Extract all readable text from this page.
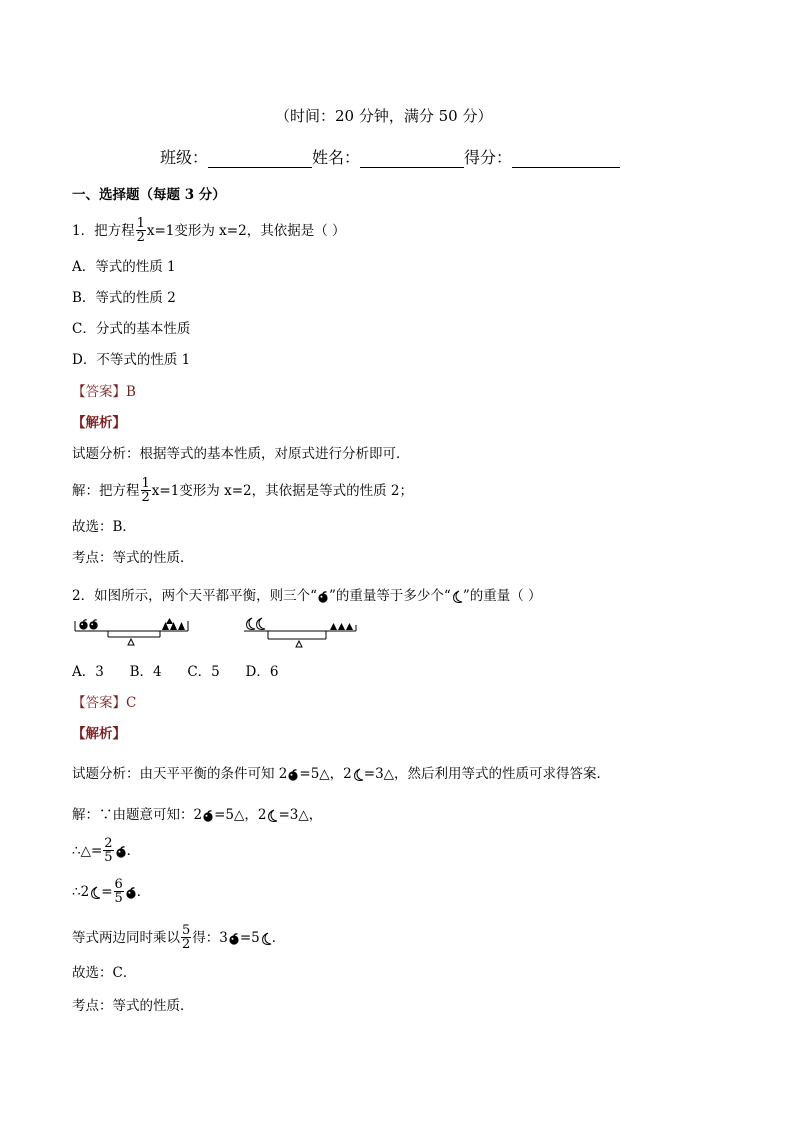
（时间：20 分钟，满分 50 分）
班级：	姓名：	得分：
一、选择题（每题 3 分）
1．把方程 $\frac{1}{2} x=1$变形为 x=2，其依据是（ ）
A．等式的性质 1
B．等式的性质 2
C．分式的基本性质
D．不等式的性质 1
【答案】B
【解析】
试题分析：根据等式的基本性质，对原式进行分析即可．
解：把方程 $\frac{1}{2} x=1$变形为 x=2，其依据是等式的性质 2；
故选：B．
考点：等式的性质．
2．如图所示，两个天平都平衡，则三个“ ”的重量等于多少个“ ”的重量（ ）
A．3      B．4      C．5      D．6
【答案】C
【解析】
试题分析：由天平平衡的条件可知 2 =5△，2 =3△，然后利用等式的性质可求得答案．
解：∵由题意可知：2 =5△，2 =3△，
∴△= $\frac{2}{5}$ ．
∴2 = $\frac{6}{5}$ ．
等式两边同时乘以 $\frac{5}{2}$ 得：3 =5 ．
故选：C．
考点：等式的性质．
